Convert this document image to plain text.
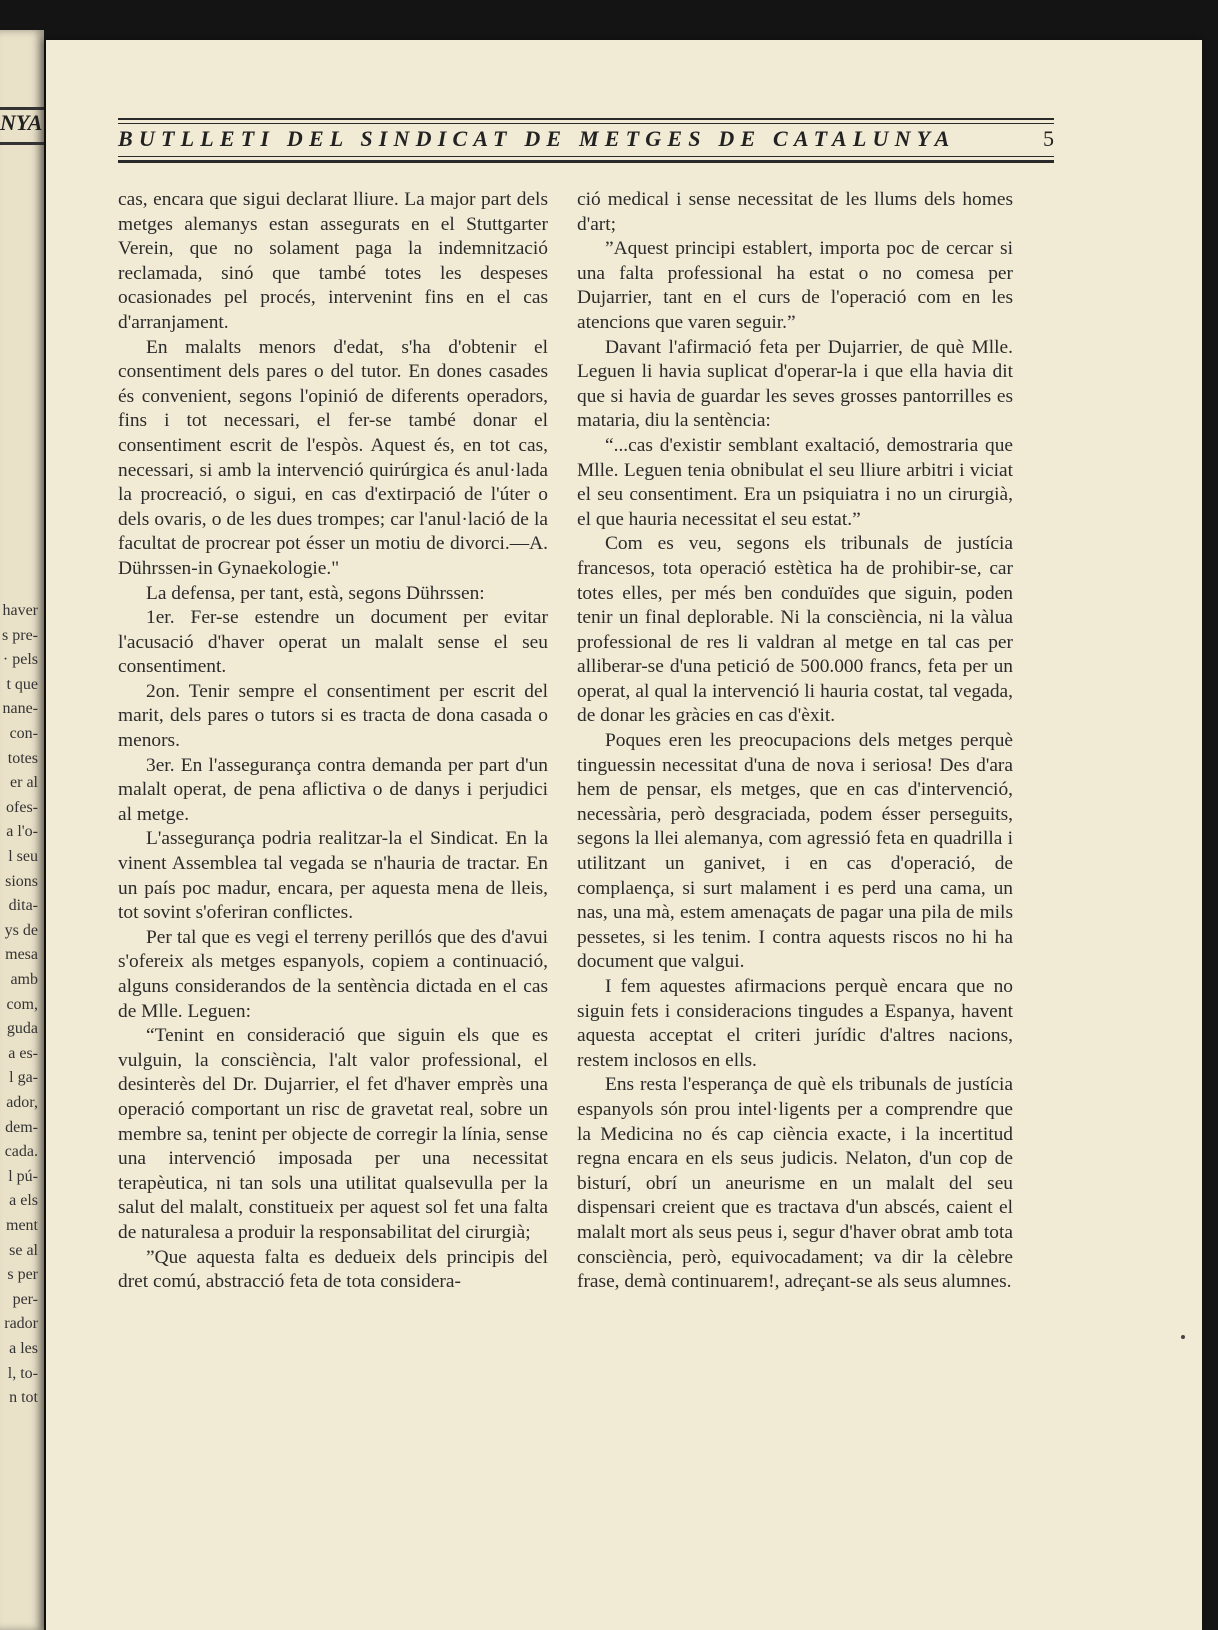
NYA
haver
s pre-
· pels
t que
nane-
con-
totes
er al
ofes-
a l'o-
l seu
sions
dita-
ys de
mesa
amb
com,
guda
a es-
l ga-
ador,
dem-
cada.
l pú-
a els
ment
se al
s per
per-
rador
a les
l, to-
n tot
BUTLLETI DEL SINDICAT DE METGES DE CATALUNYA	5

cas, encara que sigui declarat lliure. La major part dels metges alemanys estan assegurats en el Stuttgarter Verein, que no solament paga la indemnització reclamada, sinó que també totes les despeses ocasionades pel procés, intervenint fins en el cas d'arranjament.

En malalts menors d'edat, s'ha d'obtenir el consentiment dels pares o del tutor. En dones casades és convenient, segons l'opinió de diferents operadors, fins i tot necessari, el fer-se també donar el consentiment escrit de l'espòs. Aquest és, en tot cas, necessari, si amb la intervenció quirúrgica és anul·lada la procreació, o sigui, en cas d'extirpació de l'úter o dels ovaris, o de les dues trompes; car l'anul·lació de la facultat de procrear pot ésser un motiu de divorci.—A. Dührssen-in Gynaekologie."

La defensa, per tant, està, segons Dührssen:

1er. Fer-se estendre un document per evitar l'acusació d'haver operat un malalt sense el seu consentiment.

2on. Tenir sempre el consentiment per escrit del marit, dels pares o tutors si es tracta de dona casada o menors.

3er. En l'assegurança contra demanda per part d'un malalt operat, de pena aflictiva o de danys i perjudici al metge.

L'assegurança podria realitzar-la el Sindicat. En la vinent Assemblea tal vegada se n'hauria de tractar. En un país poc madur, encara, per aquesta mena de lleis, tot sovint s'oferiran conflictes.

Per tal que es vegi el terreny perillós que des d'avui s'ofereix als metges espanyols, copiem a continuació, alguns considerandos de la sentència dictada en el cas de Mlle. Leguen:

“Tenint en consideració que siguin els que es vulguin, la consciència, l'alt valor professional, el desinterès del Dr. Dujarrier, el fet d'haver emprès una operació comportant un risc de gravetat real, sobre un membre sa, tenint per objecte de corregir la línia, sense una intervenció imposada per una necessitat terapèutica, ni tan sols una utilitat qualsevulla per la salut del malalt, constitueix per aquest sol fet una falta de naturalesa a produir la responsabilitat del cirurgià;

”Que aquesta falta es dedueix dels principis del dret comú, abstracció feta de tota considera-

ció medical i sense necessitat de les llums dels homes d'art;

”Aquest principi establert, importa poc de cercar si una falta professional ha estat o no comesa per Dujarrier, tant en el curs de l'operació com en les atencions que varen seguir.”

Davant l'afirmació feta per Dujarrier, de què Mlle. Leguen li havia suplicat d'operar-la i que ella havia dit que si havia de guardar les seves grosses pantorrilles es mataria, diu la sentència:

“...cas d'existir semblant exaltació, demostraria que Mlle. Leguen tenia obnibulat el seu lliure arbitri i viciat el seu consentiment. Era un psiquiatra i no un cirurgià, el que hauria necessitat el seu estat.”

Com es veu, segons els tribunals de justícia francesos, tota operació estètica ha de prohibir-se, car totes elles, per més ben conduïdes que siguin, poden tenir un final deplorable. Ni la consciència, ni la vàlua professional de res li valdran al metge en tal cas per alliberar-se d'una petició de 500.000 francs, feta per un operat, al qual la intervenció li hauria costat, tal vegada, de donar les gràcies en cas d'èxit.

Poques eren les preocupacions dels metges perquè tinguessin necessitat d'una de nova i seriosa! Des d'ara hem de pensar, els metges, que en cas d'intervenció, necessària, però desgraciada, podem ésser perseguits, segons la llei alemanya, com agressió feta en quadrilla i utilitzant un ganivet, i en cas d'operació, de complaença, si surt malament i es perd una cama, un nas, una mà, estem amenaçats de pagar una pila de mils pessetes, si les tenim. I contra aquests riscos no hi ha document que valgui.

I fem aquestes afirmacions perquè encara que no siguin fets i consideracions tingudes a Espanya, havent aquesta acceptat el criteri jurídic d'altres nacions, restem inclosos en ells.

Ens resta l'esperança de què els tribunals de justícia espanyols són prou intel·ligents per a comprendre que la Medicina no és cap ciència exacte, i la incertitud regna encara en els seus judicis. Nelaton, d'un cop de bisturí, obrí un aneurisme en un malalt del seu dispensari creient que es tractava d'un abscés, caient el malalt mort als seus peus i, segur d'haver obrat amb tota consciència, però, equivocadament; va dir la cèlebre frase, demà continuarem!, adreçant-se als seus alumnes.
